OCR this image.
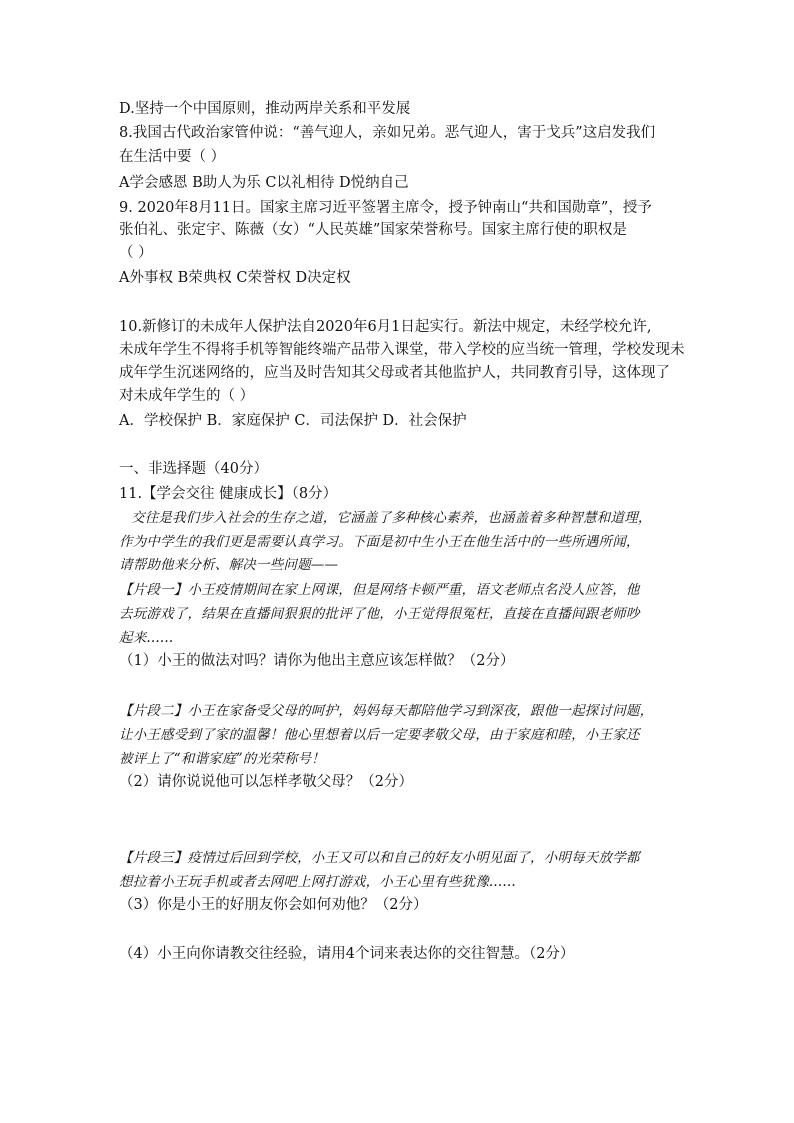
D.坚持一个中国原则，推动两岸关系和平发展
8.我国古代政治家管仲说：“善气迎人，亲如兄弟。恶气迎人，害于戈兵”这启发我们
在生活中要（ ）
A学会感恩 B助人为乐 C以礼相待 D悦纳自己
9. 2020年8月11日。国家主席习近平签署主席令，授予钟南山“共和国勋章”，授予
张伯礼、张定宇、陈薇（女）“人民英雄”国家荣誉称号。国家主席行使的职权是
（ ）
A外事权 B荣典权 C荣誉权 D决定权
10.新修订的未成年人保护法自2020年6月1日起实行。新法中规定，未经学校允许,
未成年学生不得将手机等智能终端产品带入课堂，带入学校的应当统一管理，学校发现未
成年学生沉迷网络的，应当及时告知其父母或者其他监护人，共同教育引导，这体现了
对未成年学生的（ ）
A．学校保护 B．家庭保护 C．司法保护 D．社会保护
一、非选择题（40分）
11.【学会交往 健康成长】（8分）
交往是我们步入社会的生存之道，它涵盖了多种核心素养，也涵盖着多种智慧和道理，
作为中学生的我们更是需要认真学习。下面是初中生小王在他生活中的一些所遇所闻，
请帮助他来分析、解决一些问题——
【片段一】小王疫情期间在家上网课，但是网络卡顿严重，语文老师点名没人应答，他
去玩游戏了，结果在直播间狠狠的批评了他，小王觉得很冤枉，直接在直播间跟老师吵
起来......
（1）小王的做法对吗？请你为他出主意应该怎样做？（2分）
【片段二】小王在家备受父母的呵护，妈妈每天都陪他学习到深夜，跟他一起探讨问题，
让小王感受到了家的温馨！他心里想着以后一定要孝敬父母，由于家庭和睦，小王家还
被评上了“和谐家庭”的光荣称号！
（2）请你说说他可以怎样孝敬父母？（2分）
【片段三】疫情过后回到学校，小王又可以和自己的好友小明见面了，小明每天放学都
想拉着小王玩手机或者去网吧上网打游戏，小王心里有些犹豫......
（3）你是小王的好朋友你会如何劝他？（2分）
（4）小王向你请教交往经验，请用4个词来表达你的交往智慧。（2分）
